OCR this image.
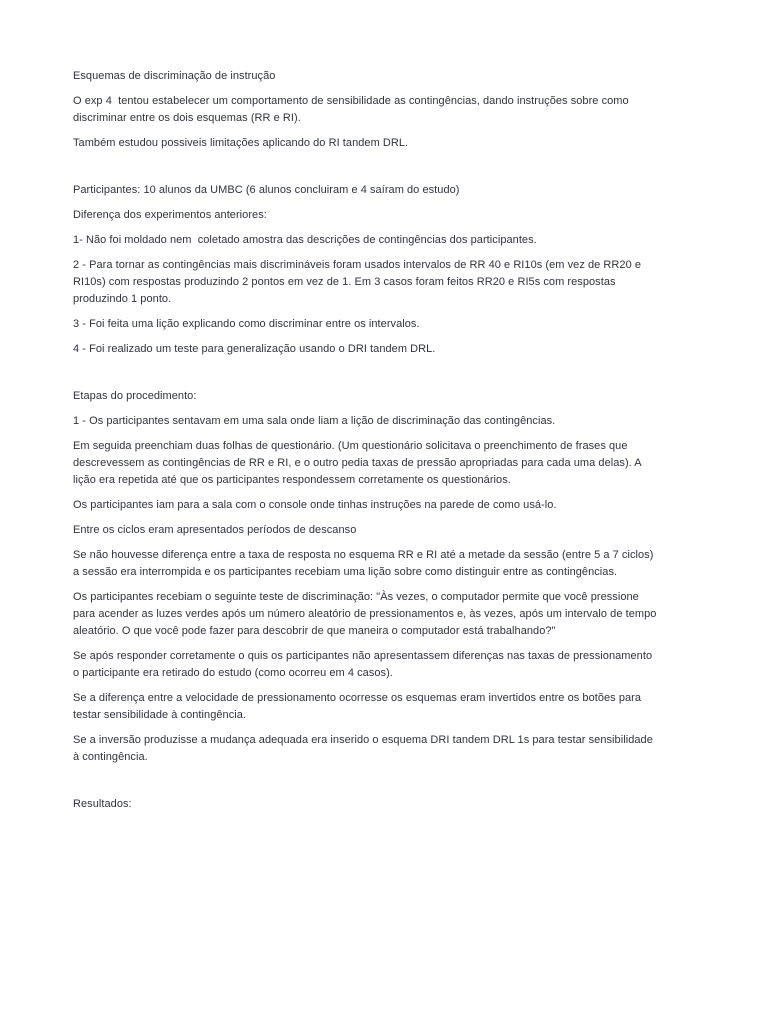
Esquemas de discriminação de instrução

O exp 4  tentou estabelecer um comportamento de sensibilidade as contingências, dando instruções sobre como discriminar entre os dois esquemas (RR e RI).

Também estudou possiveis limitações aplicando do RI tandem DRL.

Participantes: 10 alunos da UMBC (6 alunos concluiram e 4 saíram do estudo)

Diferença dos experimentos anteriores:

1- Não foi moldado nem  coletado amostra das descrições de contingências dos participantes.

2 - Para tornar as contingências mais discrimináveis foram usados intervalos de RR 40 e RI10s (em vez de RR20 e RI10s) com respostas produzindo 2 pontos em vez de 1. Em 3 casos foram feitos RR20 e RI5s com respostas produzindo 1 ponto.

3 - Foi feita uma lição explicando como discriminar entre os intervalos.

4 - Foi realizado um teste para generalização usando o DRI tandem DRL.

Etapas do procedimento:

1 - Os participantes sentavam em uma sala onde liam a lição de discriminação das contingências.

Em seguida preenchiam duas folhas de questionário. (Um questionário solicitava o preenchimento de frases que descrevessem as contingências de RR e RI, e o outro pedia taxas de pressão apropriadas para cada uma delas). A lição era repetida até que os participantes respondessem corretamente os questionários.

Os participantes iam para a sala com o console onde tinhas instruções na parede de como usá-lo.

Entre os ciclos eram apresentados períodos de descanso

Se não houvesse diferença entre a taxa de resposta no esquema RR e RI até a metade da sessão (entre 5 a 7 ciclos) a sessão era interrompida e os participantes recebiam uma lição sobre como distinguir entre as contingências.

Os participantes recebiam o seguinte teste de discriminação: "Às vezes, o computador permite que você pressione para acender as luzes verdes após um número aleatório de pressionamentos e, às vezes, após um intervalo de tempo aleatório. O que você pode fazer para descobrir de que maneira o computador está trabalhando?"

Se após responder corretamente o quis os participantes não apresentassem diferenças nas taxas de pressionamento o participante era retirado do estudo (como ocorreu em 4 casos).

Se a diferença entre a velocidade de pressionamento ocorresse os esquemas eram invertidos entre os botões para testar sensibilidade à contingência.

Se a inversão produzisse a mudança adequada era inserido o esquema DRI tandem DRL 1s para testar sensibilidade à contingência.

Resultados:
